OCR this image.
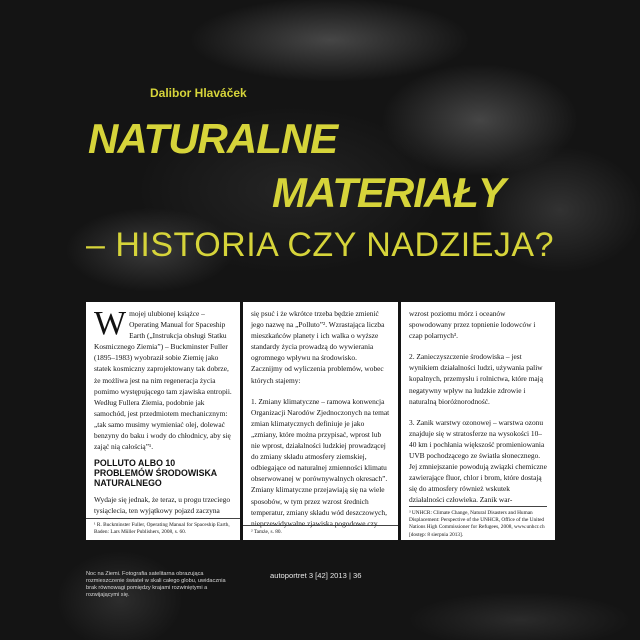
Dalibor Hlaváček
NATURALNE
MATERIAŁY
– HISTORIA CZY NADZIEJA?
W mojej ulubionej książce – Operating Manual for Spaceship Earth („Instrukcja obsługi Statku Kosmicznego Ziemia”) – Buckminster Fuller (1895–1983) wyobraził sobie Ziemię jako statek kosmiczny zaprojektowany tak dobrze, że możliwa jest na nim regeneracja życia pomimo występującego tam zjawiska entropii. Według Fullera Ziemia, podobnie jak samochód, jest przedmiotem mechanicznym: „tak samo musimy wymieniać olej, dolewać benzyny do baku i wody do chłodnicy, aby się zająć nią całością”¹.

POLLUTO ALBO 10 PROBLEMÓW ŚRODOWISKA NATURALNEGO

Wydaje się jednak, że teraz, u progu trzeciego tysiąclecia, ten wyjątkowy pojazd zaczyna

¹ R. Buckminster Fuller, Operating Manual for Spaceship Earth, Baden: Lars Müller Publishers, 2008, s. 60.

się psuć i że wkrótce trzeba będzie zmienić jego nazwę na „Polluto”². Wzrastająca liczba mieszkańców planety i ich walka o wyższe standardy życia prowadzą do wywierania ogromnego wpływu na środowisko. Zacznijmy od wyliczenia problemów, wobec których stajemy:

1. Zmiany klimatyczne – ramowa konwencja Organizacji Narodów Zjednoczonych na temat zmian klimatycznych definiuje je jako „zmiany, które można przypisać, wprost lub nie wprost, działalności ludzkiej prowadzącej do zmiany składu atmosfery ziemskiej, odbiegające od naturalnej zmienności klimatu obserwowanej w porównywalnych okresach”. Zmiany klimatyczne przejawiają się na wiele sposobów, w tym przez wzrost średnich temperatur, zmiany składu wód deszczowych, nieprzewidywalne zjawiska pogodowe czy

² Tamże, s. 80.

wzrost poziomu mórz i oceanów spowodowany przez topnienie lodowców i czap polarnych³.

2. Zanieczyszczenie środowiska – jest wynikiem działalności ludzi, używania paliw kopalnych, przemysłu i rolnictwa, które mają negatywny wpływ na ludzkie zdrowie i naturalną bioróżnorodność.

3. Zanik warstwy ozonowej – warstwa ozonu znajduje się w stratosferze na wysokości 10–40 km i pochłania większość promieniowania UVB pochodzącego ze światła słonecznego. Jej zmniejszanie powodują związki chemiczne zawierające fluor, chlor i brom, które dostają się do atmosfery również wskutek działalności człowieka. Zanik war-

³ UNHCR: Climate Change, Natural Disasters and Human Displacement: Perspective of the UNHCR, Office of the United Nations High Commissioner for Refugees, 2008, www.unhcr.ch [dostęp: 8 sierpnia 2013].
Noc na Ziemi. Fotografia satelitarna obrazująca rozmieszczenie świateł w skali całego globu, uwidacznia brak równowagi pomiędzy krajami rozwiniętymi a rozwijającymi się.
autoportret 3 [42] 2013 | 36
